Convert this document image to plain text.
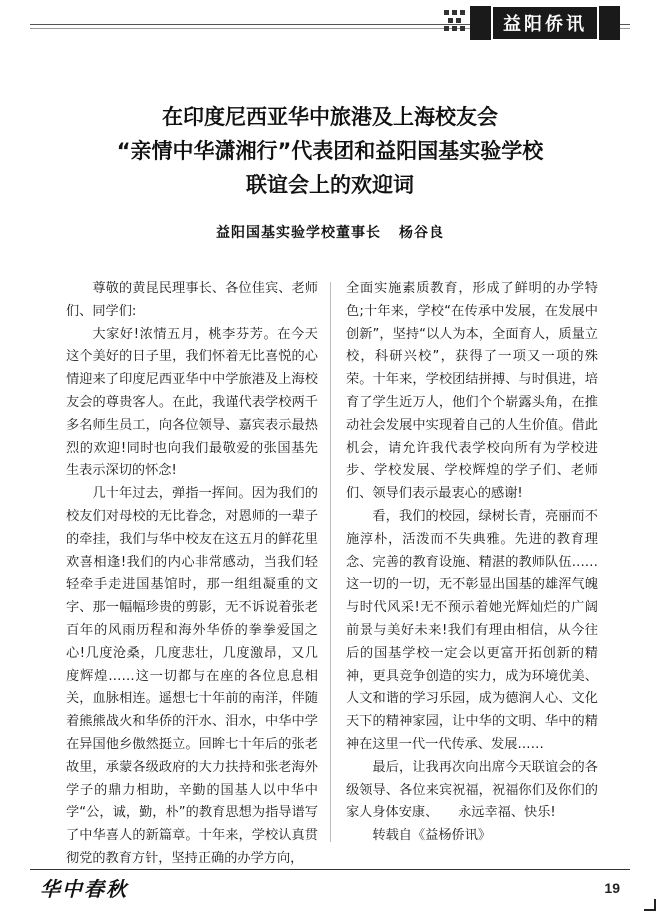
益阳侨讯
在印度尼西亚华中旅港及上海校友会
“亲情中华潇湘行”代表团和益阳国基实验学校
联谊会上的欢迎词
益阳国基实验学校董事长 杨谷良

尊敬的黄昆民理事长、各位佳宾、老师们、同学们:

大家好!浓情五月，桃李芬芳。在今天这个美好的日子里，我们怀着无比喜悦的心情迎来了印度尼西亚华中中学旅港及上海校友会的尊贵客人。在此，我谨代表学校两千多名师生员工，向各位领导、嘉宾表示最热烈的欢迎!同时也向我们最敬爱的张国基先生表示深切的怀念!

几十年过去，弹指一挥间。因为我们的校友们对母校的无比眷念，对恩师的一辈子的牵挂，我们与华中校友在这五月的鲜花里欢喜相逢!我们的内心非常感动，当我们轻轻牵手走进国基馆时，那一组组凝重的文字、那一幅幅珍贵的剪影，无不诉说着张老百年的风雨历程和海外华侨的拳拳爱国之心!几度沧桑，几度悲壮，几度激昂，又几度辉煌……这一切都与在座的各位息息相关，血脉相连。遥想七十年前的南洋，伴随着熊熊战火和华侨的汗水、泪水，中华中学在异国他乡傲然挺立。回眸七十年后的张老故里，承蒙各级政府的大力扶持和张老海外学子的鼎力相助，辛勤的国基人以中华中学“公，诚，勤，朴”的教育思想为指导谱写了中华喜人的新篇章。十年来，学校认真贯彻党的教育方针，坚持正确的办学方向，

全面实施素质教育，形成了鲜明的办学特色;十年来，学校“在传承中发展，在发展中创新”，坚持“以人为本，全面育人，质量立校，科研兴校”，获得了一项又一项的殊荣。十年来，学校团结拼搏、与时俱进，培育了学生近万人，他们个个崭露头角，在推动社会发展中实现着自己的人生价值。借此机会，请允许我代表学校向所有为学校进步、学校发展、学校辉煌的学子们、老师们、领导们表示最衷心的感谢!

看，我们的校园，绿树长青，亮丽而不施淳朴，活泼而不失典雅。先进的教育理念、完善的教育设施、精湛的教师队伍……这一切的一切，无不彰显出国基的雄浑气魄与时代风采!无不预示着她光辉灿烂的广阔前景与美好未来!我们有理由相信，从今往后的国基学校一定会以更富开拓创新的精神，更具竞争创造的实力，成为环境优美、人文和谐的学习乐园，成为德润人心、文化天下的精神家园，让中华的文明、华中的精神在这里一代一代传承、发展……

最后，让我再次向出席今天联谊会的各级领导、各位来宾祝福，祝福你们及你们的家人身体安康、　　永远幸福、快乐!

转载自《益杨侨讯》

华中春秋	19
